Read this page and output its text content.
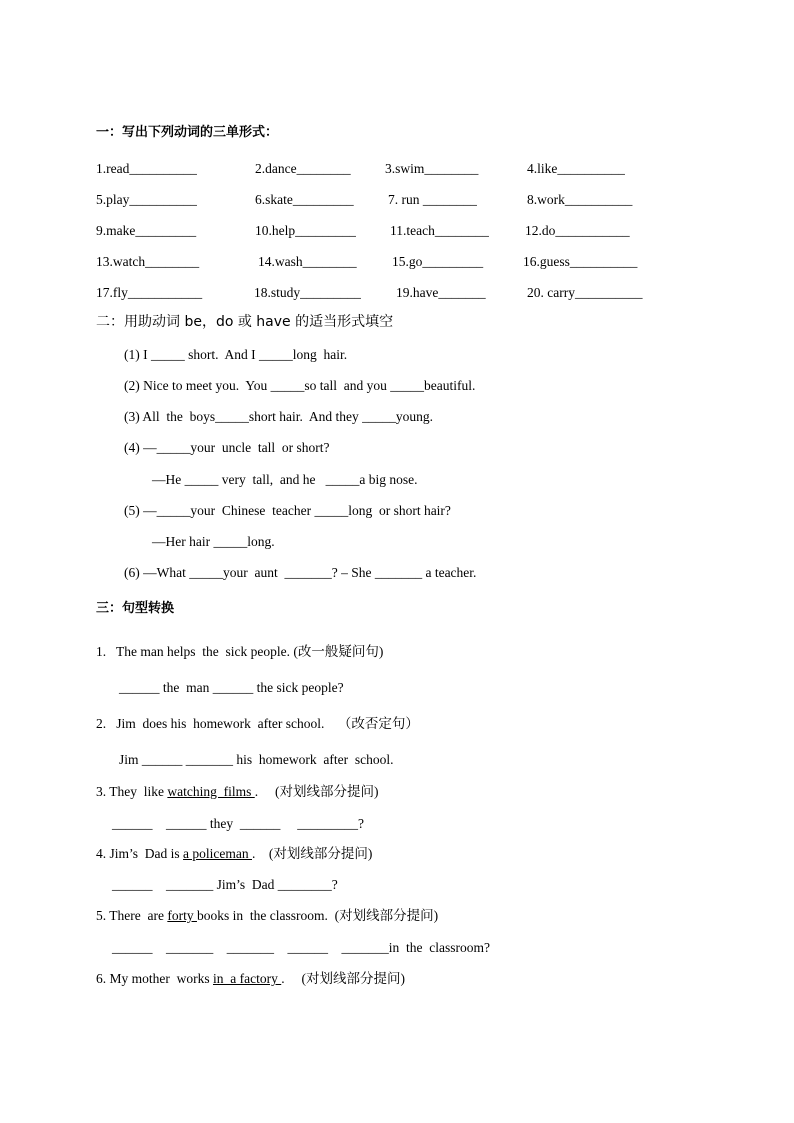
一：写出下列动词的三单形式：
1.read__________	2.dance________	3.swim________	4.like__________
5.play__________	6.skate_________	7. run ________	8.work__________
9.make_________	10.help_________	11.teach________	12.do___________
13.watch________	14.wash________	15.go_________	16.guess__________
17.fly___________	18.study_________	19.have_______	20. carry__________
二：用助动词 be，do 或 have 的适当形式填空
(1) I _____ short.  And I _____long  hair.
(2) Nice to meet you.  You _____so tall  and you _____beautiful.
(3) All  the  boys_____short hair.  And they _____young.
(4) —_____your  uncle  tall  or short?
—He _____ very  tall,  and he   _____a big nose.
(5) —_____your  Chinese  teacher _____long  or short hair?
—Her hair _____long.
(6) —What _____your  aunt  _______? – She _______ a teacher.
三：句型转换
1.   The man helps  the  sick people. (改一般疑问句)
______ the  man ______ the sick people?
2.   Jim  does his  homework  after school.    （改否定句）
Jim ______ _______ his  homework  after  school.
3. They  like watching  films .     (对划线部分提问)
______    ______ they  ______     _________?
4. Jim’s  Dad is a policeman .    (对划线部分提问)
______    _______ Jim’s  Dad ________?
5. There  are forty books in  the classroom.  (对划线部分提问)
______    _______    _______    ______    _______in  the  classroom?
6. My mother  works in  a factory .     (对划线部分提问)
